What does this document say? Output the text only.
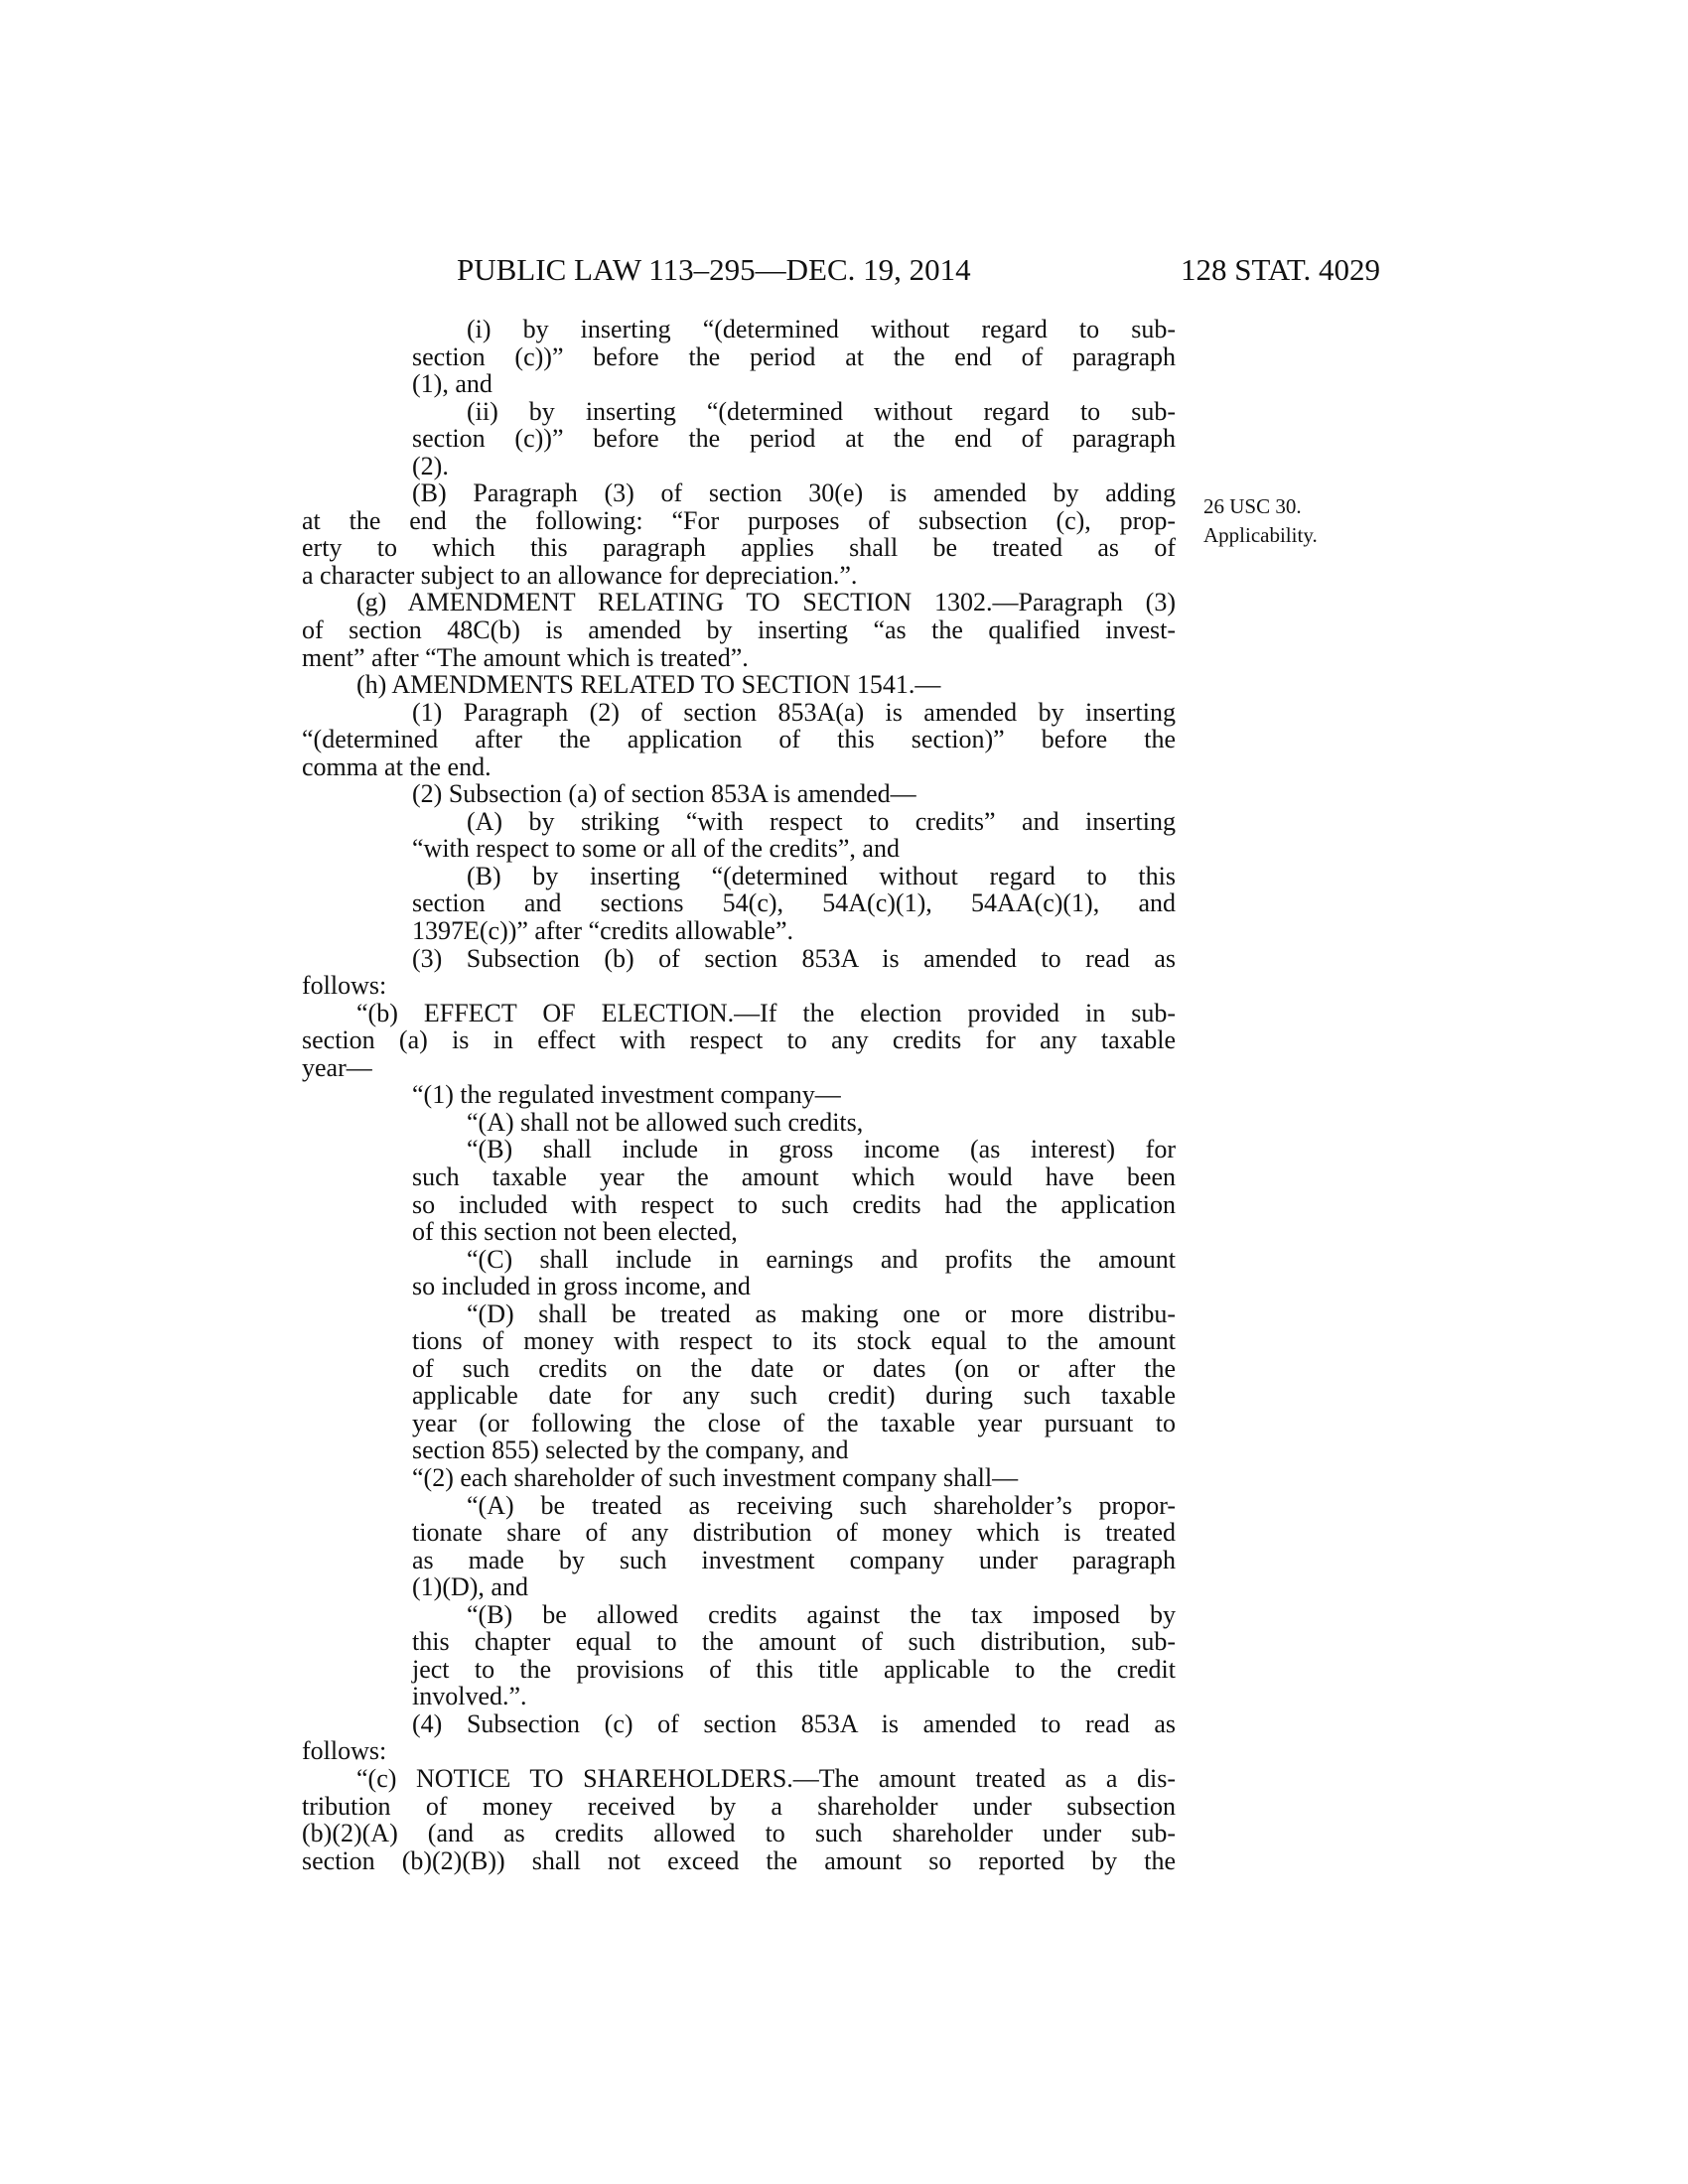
PUBLIC LAW 113–295—DEC. 19, 2014	128 STAT. 4029
26 USC 30.
Applicability.
(i) by inserting “(determined without regard to sub-
section (c))” before the period at the end of paragraph
(1), and
(ii) by inserting “(determined without regard to sub-
section (c))” before the period at the end of paragraph
(2).
(B) Paragraph (3) of section 30(e) is amended by adding
at the end the following: “For purposes of subsection (c), prop-
erty to which this paragraph applies shall be treated as of
a character subject to an allowance for depreciation.”.
(g) AMENDMENT RELATING TO SECTION 1302.—Paragraph (3)
of section 48C(b) is amended by inserting “as the qualified invest-
ment” after “The amount which is treated”.
(h) AMENDMENTS RELATED TO SECTION 1541.—
(1) Paragraph (2) of section 853A(a) is amended by inserting
“(determined after the application of this section)” before the
comma at the end.
(2) Subsection (a) of section 853A is amended—
(A) by striking “with respect to credits” and inserting
“with respect to some or all of the credits”, and
(B) by inserting “(determined without regard to this
section and sections 54(c), 54A(c)(1), 54AA(c)(1), and
1397E(c))” after “credits allowable”.
(3) Subsection (b) of section 853A is amended to read as
follows:
“(b) EFFECT OF ELECTION.—If the election provided in sub-
section (a) is in effect with respect to any credits for any taxable
year—
“(1) the regulated investment company—
“(A) shall not be allowed such credits,
“(B) shall include in gross income (as interest) for
such taxable year the amount which would have been
so included with respect to such credits had the application
of this section not been elected,
“(C) shall include in earnings and profits the amount
so included in gross income, and
“(D) shall be treated as making one or more distribu-
tions of money with respect to its stock equal to the amount
of such credits on the date or dates (on or after the
applicable date for any such credit) during such taxable
year (or following the close of the taxable year pursuant to
section 855) selected by the company, and
“(2) each shareholder of such investment company shall—
“(A) be treated as receiving such shareholder’s propor-
tionate share of any distribution of money which is treated
as made by such investment company under paragraph
(1)(D), and
“(B) be allowed credits against the tax imposed by
this chapter equal to the amount of such distribution, sub-
ject to the provisions of this title applicable to the credit
involved.”.
(4) Subsection (c) of section 853A is amended to read as
follows:
“(c) NOTICE TO SHAREHOLDERS.—The amount treated as a dis-
tribution of money received by a shareholder under subsection
(b)(2)(A) (and as credits allowed to such shareholder under sub-
section (b)(2)(B)) shall not exceed the amount so reported by the
